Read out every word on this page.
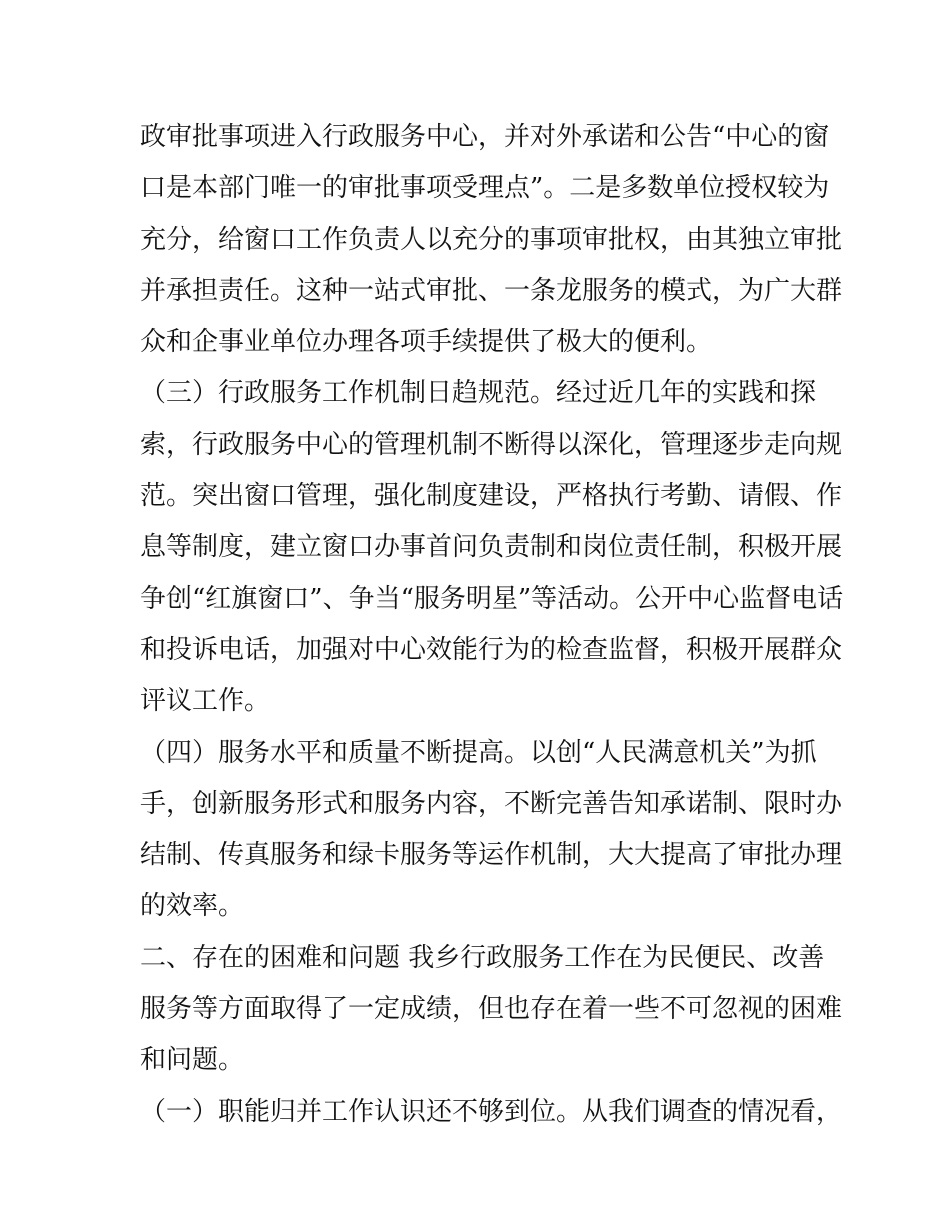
政审批事项进入行政服务中心，并对外承诺和公告“中心的窗
口是本部门唯一的审批事项受理点”。二是多数单位授权较为
充分，给窗口工作负责人以充分的事项审批权，由其独立审批
并承担责任。这种一站式审批、一条龙服务的模式，为广大群
众和企事业单位办理各项手续提供了极大的便利。
（三）行政服务工作机制日趋规范。经过近几年的实践和探
索，行政服务中心的管理机制不断得以深化，管理逐步走向规
范。突出窗口管理，强化制度建设，严格执行考勤、请假、作
息等制度，建立窗口办事首问负责制和岗位责任制，积极开展
争创“红旗窗口”、争当“服务明星”等活动。公开中心监督电话
和投诉电话，加强对中心效能行为的检查监督，积极开展群众
评议工作。
（四）服务水平和质量不断提高。以创“人民满意机关”为抓
手，创新服务形式和服务内容，不断完善告知承诺制、限时办
结制、传真服务和绿卡服务等运作机制，大大提高了审批办理
的效率。
二、存在的困难和问题 我乡行政服务工作在为民便民、改善
服务等方面取得了一定成绩，但也存在着一些不可忽视的困难
和问题。
（一）职能归并工作认识还不够到位。从我们调查的情况看，
